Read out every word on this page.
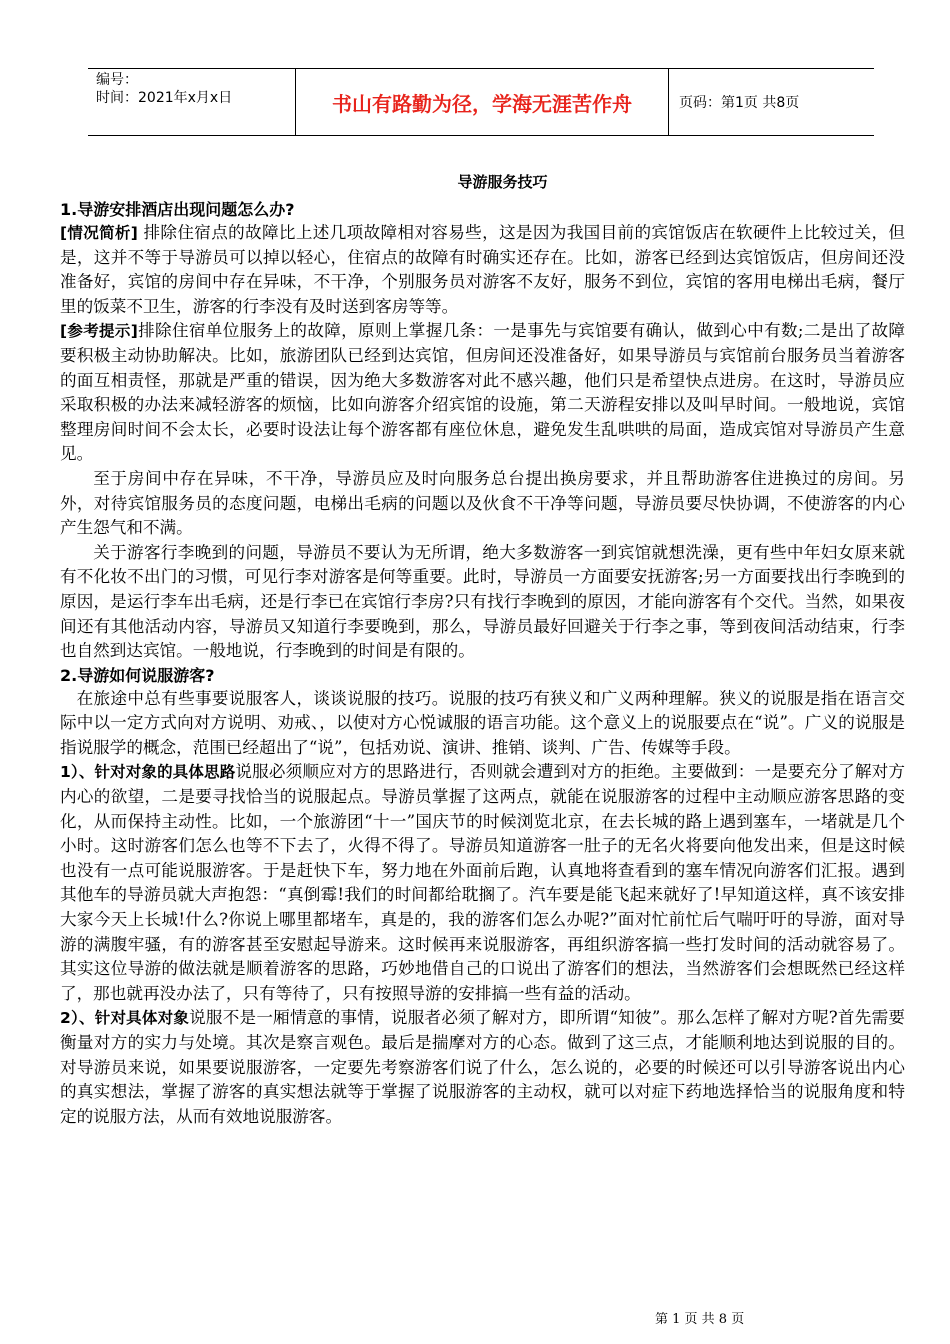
编号：
时间：2021年x月x日	书山有路勤为径，学海无涯苦作舟	页码：第1页 共8页
导游服务技巧
1.导游安排酒店出现问题怎么办?

[情况简析] 排除住宿点的故障比上述几项故障相对容易些，这是因为我国目前的宾馆饭店在软硬件上比较过关，但是，这并不等于导游员可以掉以轻心，住宿点的故障有时确实还存在。比如，游客已经到达宾馆饭店，但房间还没准备好，宾馆的房间中存在异味，不干净，个别服务员对游客不友好，服务不到位，宾馆的客用电梯出毛病，餐厅里的饭菜不卫生，游客的行李没有及时送到客房等等。

[参考提示]排除住宿单位服务上的故障，原则上掌握几条：一是事先与宾馆要有确认，做到心中有数;二是出了故障要积极主动协助解决。比如，旅游团队已经到达宾馆，但房间还没准备好，如果导游员与宾馆前台服务员当着游客的面互相责怪，那就是严重的错误，因为绝大多数游客对此不感兴趣，他们只是希望快点进房。在这时，导游员应采取积极的办法来减轻游客的烦恼，比如向游客介绍宾馆的设施，第二天游程安排以及叫早时间。一般地说，宾馆整理房间时间不会太长，必要时设法让每个游客都有座位休息，避免发生乱哄哄的局面，造成宾馆对导游员产生意见。

至于房间中存在异味，不干净，导游员应及时向服务总台提出换房要求，并且帮助游客住进换过的房间。另外，对待宾馆服务员的态度问题，电梯出毛病的问题以及伙食不干净等问题，导游员要尽快协调，不使游客的内心产生怨气和不满。

关于游客行李晚到的问题，导游员不要认为无所谓，绝大多数游客一到宾馆就想洗澡，更有些中年妇女原来就有不化妆不出门的习惯，可见行李对游客是何等重要。此时，导游员一方面要安抚游客;另一方面要找出行李晚到的原因，是运行李车出毛病，还是行李已在宾馆行李房?只有找行李晚到的原因，才能向游客有个交代。当然，如果夜间还有其他活动内容，导游员又知道行李要晚到，那么，导游员最好回避关于行李之事，等到夜间活动结束，行李也自然到达宾馆。一般地说，行李晚到的时间是有限的。

2.导游如何说服游客?

在旅途中总有些事要说服客人，谈谈说服的技巧。说服的技巧有狭义和广义两种理解。狭义的说服是指在语言交际中以一定方式向对方说明、劝戒、，以使对方心悦诚服的语言功能。这个意义上的说服要点在“说”。广义的说服是指说服学的概念，范围已经超出了“说”，包括劝说、演讲、推销、谈判、广告、传媒等手段。

1）、针对对象的具体思路说服必须顺应对方的思路进行，否则就会遭到对方的拒绝。主要做到：一是要充分了解对方内心的欲望，二是要寻找恰当的说服起点。导游员掌握了这两点，就能在说服游客的过程中主动顺应游客思路的变化，从而保持主动性。比如，一个旅游团“十一”国庆节的时候浏览北京，在去长城的路上遇到塞车，一堵就是几个小时。这时游客们怎么也等不下去了，火得不得了。导游员知道游客一肚子的无名火将要向他发出来，但是这时候也没有一点可能说服游客。于是赶快下车，努力地在外面前后跑，认真地将查看到的塞车情况向游客们汇报。遇到其他车的导游员就大声抱怨：“真倒霉!我们的时间都给耽搁了。汽车要是能飞起来就好了!早知道这样，真不该安排大家今天上长城!什么?你说上哪里都堵车，真是的，我的游客们怎么办呢?”面对忙前忙后气喘吁吁的导游，面对导游的满腹牢骚，有的游客甚至安慰起导游来。这时候再来说服游客，再组织游客搞一些打发时间的活动就容易了。其实这位导游的做法就是顺着游客的思路，巧妙地借自己的口说出了游客们的想法，当然游客们会想既然已经这样了，那也就再没办法了，只有等待了，只有按照导游的安排搞一些有益的活动。

2）、针对具体对象说服不是一厢情意的事情，说服者必须了解对方，即所谓“知彼”。那么怎样了解对方呢?首先需要衡量对方的实力与处境。其次是察言观色。最后是揣摩对方的心态。做到了这三点，才能顺利地达到说服的目的。对导游员来说，如果要说服游客，一定要先考察游客们说了什么，怎么说的，必要的时候还可以引导游客说出内心的真实想法，掌握了游客的真实想法就等于掌握了说服游客的主动权，就可以对症下药地选择恰当的说服角度和特定的说服方法，从而有效地说服游客。

第 1 页 共 8 页
